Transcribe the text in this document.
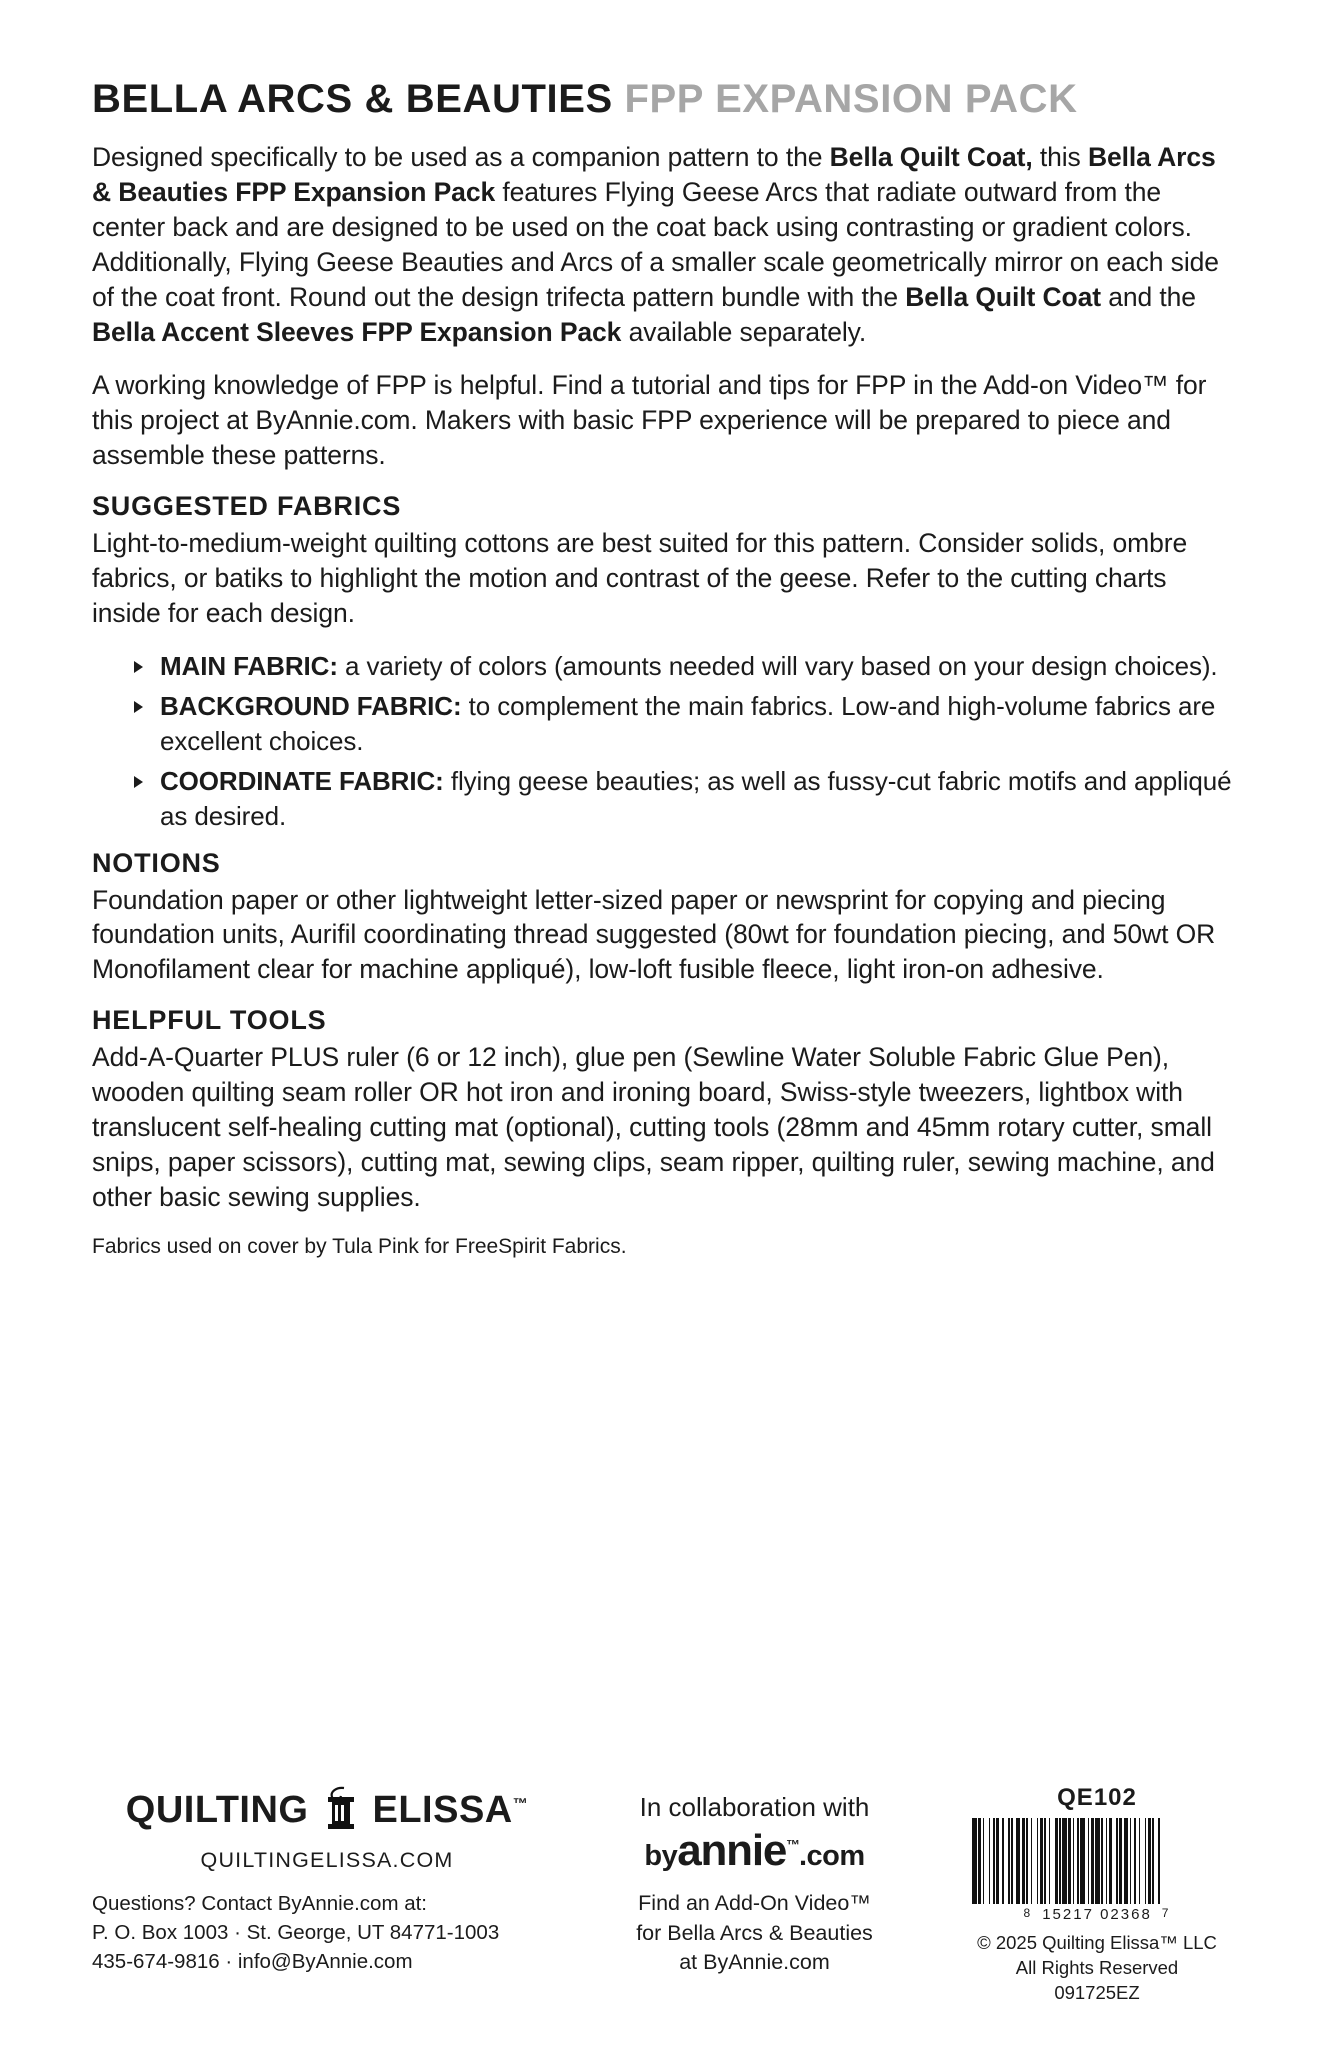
BELLA ARCS & BEAUTIES FPP EXPANSION PACK

Designed specifically to be used as a companion pattern to the Bella Quilt Coat, this Bella Arcs & Beauties FPP Expansion Pack features Flying Geese Arcs that radiate outward from the center back and are designed to be used on the coat back using contrasting or gradient colors. Additionally, Flying Geese Beauties and Arcs of a smaller scale geometrically mirror on each side of the coat front. Round out the design trifecta pattern bundle with the Bella Quilt Coat and the Bella Accent Sleeves FPP Expansion Pack available separately.

A working knowledge of FPP is helpful. Find a tutorial and tips for FPP in the Add-on Video™ for this project at ByAnnie.com. Makers with basic FPP experience will be prepared to piece and assemble these patterns.

SUGGESTED FABRICS

Light-to-medium-weight quilting cottons are best suited for this pattern. Consider solids, ombre fabrics, or batiks to highlight the motion and contrast of the geese. Refer to the cutting charts inside for each design.

MAIN FABRIC: a variety of colors (amounts needed will vary based on your design choices).
BACKGROUND FABRIC: to complement the main fabrics. Low-and high-volume fabrics are excellent choices.
COORDINATE FABRIC: flying geese beauties; as well as fussy-cut fabric motifs and appliqué as desired.
NOTIONS

Foundation paper or other lightweight letter-sized paper or newsprint for copying and piecing foundation units, Aurifil coordinating thread suggested (80wt for foundation piecing, and 50wt OR Monofilament clear for machine appliqué), low-loft fusible fleece, light iron-on adhesive.

HELPFUL TOOLS

Add-A-Quarter PLUS ruler (6 or 12 inch), glue pen (Sewline Water Soluble Fabric Glue Pen), wooden quilting seam roller OR hot iron and ironing board, Swiss-style tweezers, lightbox with translucent self-healing cutting mat (optional), cutting tools (28mm and 45mm rotary cutter, small snips, paper scissors), cutting mat, sewing clips, seam ripper, quilting ruler, sewing machine, and other basic sewing supplies.

Fabrics used on cover by Tula Pink for FreeSpirit Fabrics.

QUILTING ELISSA™
QUILTINGELISSA.COM
Questions? Contact ByAnnie.com at:
P. O. Box 1003 · St. George, UT 84771-1003
435-674-9816 · info@ByAnnie.com
In collaboration with
byannie™.com
Find an Add-On Video™
for Bella Arcs & Beauties
at ByAnnie.com
QE102
8 15217 02368 7
© 2025 Quilting Elissa™ LLC
All Rights Reserved
091725EZ
